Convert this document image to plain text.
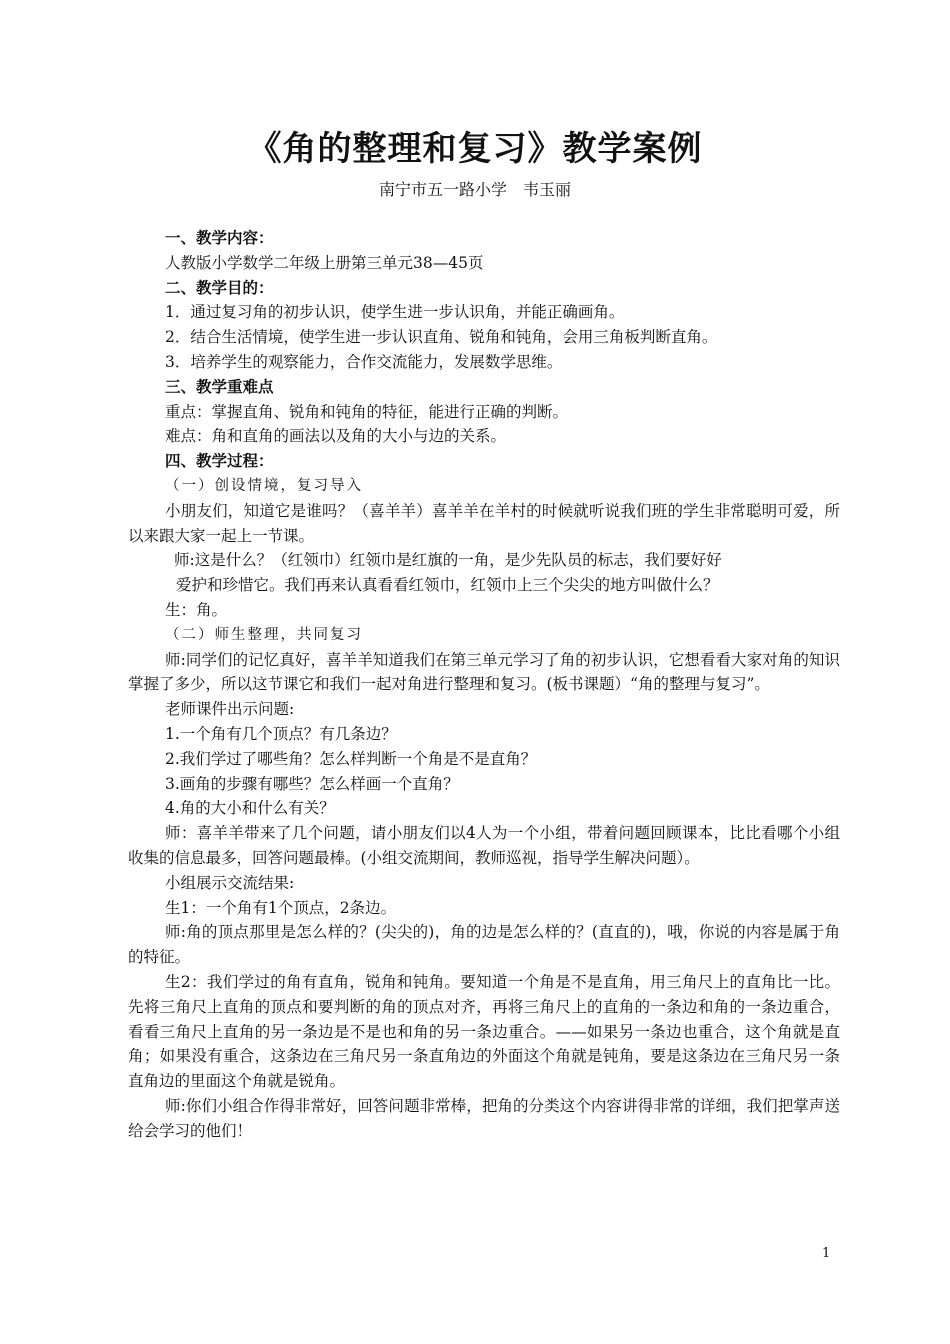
《角的整理和复习》教学案例
南宁市五一路小学　韦玉丽
一、教学内容：
人教版小学数学二年级上册第三单元38—45页
二、教学目的：
1．通过复习角的初步认识，使学生进一步认识角，并能正确画角。
2．结合生活情境，使学生进一步认识直角、锐角和钝角，会用三角板判断直角。
3．培养学生的观察能力，合作交流能力，发展数学思维。
三、教学重难点
重点：掌握直角、锐角和钝角的特征，能进行正确的判断。
难点：角和直角的画法以及角的大小与边的关系。
四、教学过程：
（一）创设情境，复习导入
小朋友们，知道它是谁吗？（喜羊羊）喜羊羊在羊村的时候就听说我们班的学生非常聪明可爱，所以来跟大家一起上一节课。
师:这是什么？（红领巾）红领巾是红旗的一角，是少先队员的标志，我们要好好
爱护和珍惜它。我们再来认真看看红领巾，红领巾上三个尖尖的地方叫做什么？
生：角。
（二）师生整理，共同复习
师:同学们的记忆真好，喜羊羊知道我们在第三单元学习了角的初步认识，它想看看大家对角的知识掌握了多少，所以这节课它和我们一起对角进行整理和复习。(板书课题）“角的整理与复习”。
老师课件出示问题:
1.一个角有几个顶点？有几条边？
2.我们学过了哪些角？怎么样判断一个角是不是直角？
3.画角的步骤有哪些？怎么样画一个直角？
4.角的大小和什么有关？
师：喜羊羊带来了几个问题，请小朋友们以4人为一个小组，带着问题回顾课本，比比看哪个小组收集的信息最多，回答问题最棒。(小组交流期间，教师巡视，指导学生解决问题）。
小组展示交流结果:
生1：一个角有1个顶点，2条边。
师:角的顶点那里是怎么样的？(尖尖的)，角的边是怎么样的？(直直的)，哦，你说的内容是属于角的特征。
生2：我们学过的角有直角，锐角和钝角。要知道一个角是不是直角，用三角尺上的直角比一比。先将三角尺上直角的顶点和要判断的角的顶点对齐，再将三角尺上的直角的一条边和角的一条边重合，看看三角尺上直角的另一条边是不是也和角的另一条边重合。——如果另一条边也重合，这个角就是直角；如果没有重合，这条边在三角尺另一条直角边的外面这个角就是钝角，要是这条边在三角尺另一条直角边的里面这个角就是锐角。
师:你们小组合作得非常好，回答问题非常棒，把角的分类这个内容讲得非常的详细，我们把掌声送给会学习的他们！
1
